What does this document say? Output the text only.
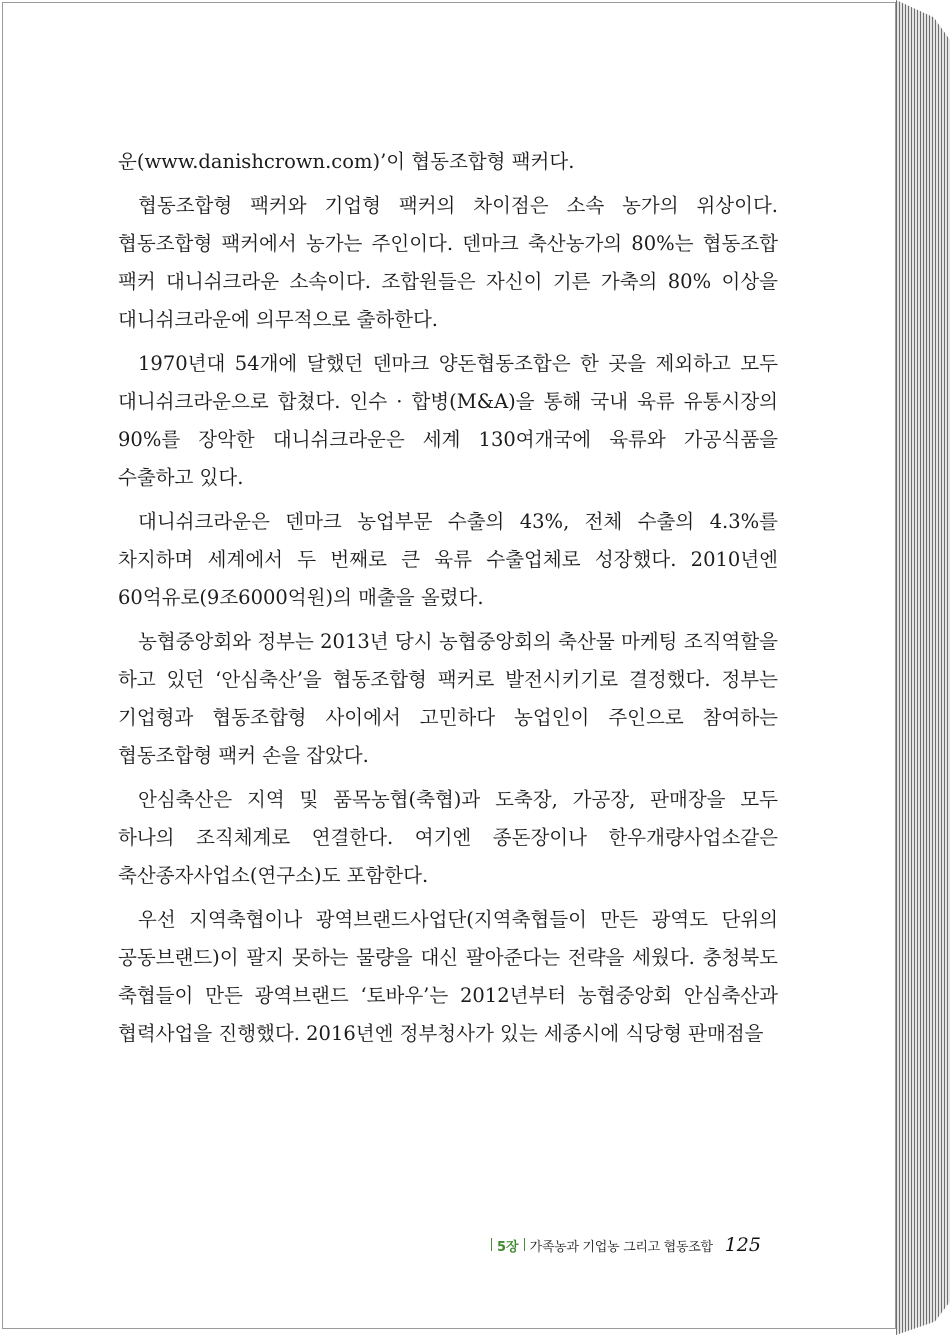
운(www.danishcrown.com)’이 협동조합형 팩커다.

협동조합형 팩커와 기업형 팩커의 차이점은 소속 농가의 위상이다. 협동조합형 팩커에서 농가는 주인이다. 덴마크 축산농가의 80%는 협동조합 팩커 대니쉬크라운 소속이다. 조합원들은 자신이 기른 가축의 80% 이상을 대니쉬크라운에 의무적으로 출하한다.

1970년대 54개에 달했던 덴마크 양돈협동조합은 한 곳을 제외하고 모두 대니쉬크라운으로 합쳤다. 인수 · 합병(M&A)을 통해 국내 육류 유통시장의 90%를 장악한 대니쉬크라운은 세계 130여개국에 육류와 가공식품을 수출하고 있다.

대니쉬크라운은 덴마크 농업부문 수출의 43%, 전체 수출의 4.3%를 차지하며 세계에서 두 번째로 큰 육류 수출업체로 성장했다. 2010년엔 60억유로(9조6000억원)의 매출을 올렸다.

농협중앙회와 정부는 2013년 당시 농협중앙회의 축산물 마케팅 조직역할을 하고 있던 ‘안심축산’을 협동조합형 팩커로 발전시키기로 결정했다. 정부는 기업형과 협동조합형 사이에서 고민하다 농업인이 주인으로 참여하는 협동조합형 팩커 손을 잡았다.

안심축산은 지역 및 품목농협(축협)과 도축장, 가공장, 판매장을 모두 하나의 조직체계로 연결한다. 여기엔 종돈장이나 한우개량사업소같은 축산종자사업소(연구소)도 포함한다.

우선 지역축협이나 광역브랜드사업단(지역축협들이 만든 광역도 단위의 공동브랜드)이 팔지 못하는 물량을 대신 팔아준다는 전략을 세웠다. 충청북도 축협들이 만든 광역브랜드 ‘토바우’는 2012년부터 농협중앙회 안심축산과 협력사업을 진행했다. 2016년엔 정부청사가 있는 세종시에 식당형 판매점을

5장 가족농과 기업농 그리고 협동조합 125
